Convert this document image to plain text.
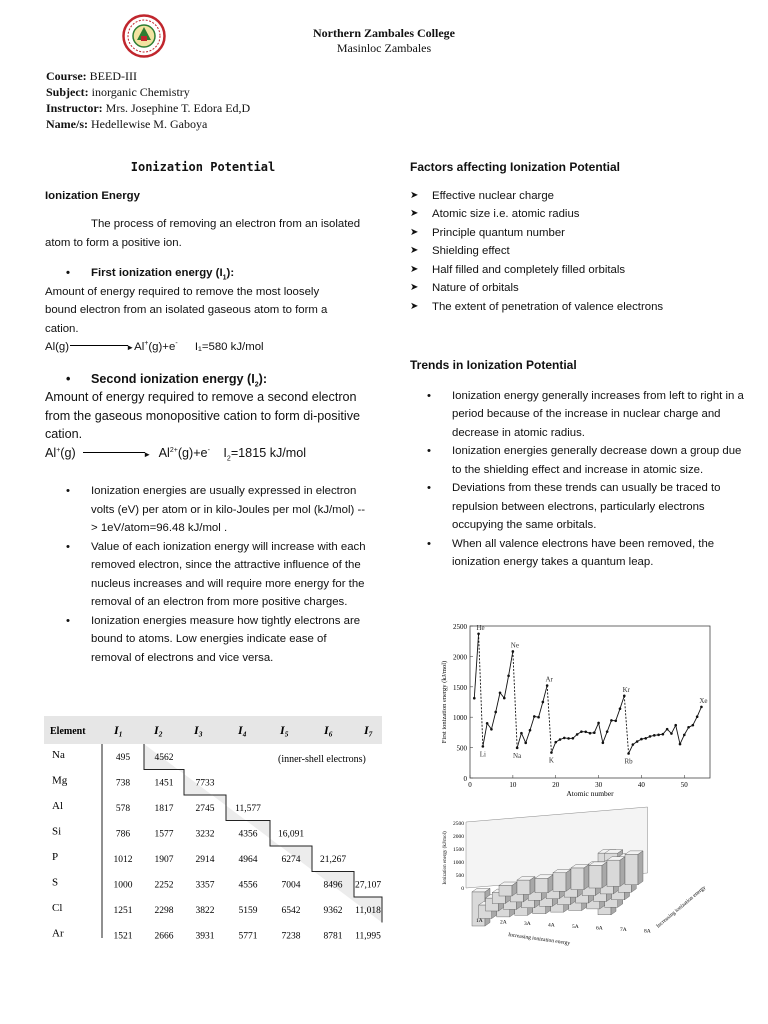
Northern Zambales College
Masinloc Zambales
Course: BEED-III
Subject: inorganic Chemistry
Instructor: Mrs. Josephine T. Edora Ed,D
Name/s: Hedellewise M. Gaboya
Ionization Potential

Ionization Energy

The process of removing an electron from an isolated atom to form a positive ion.

• First ionization energy $(I_1)$:

Amount of energy required to remove the most loosely bound electron from an isolated gaseous atom to form a cation.

Al(g)	►Al+(g)+e- I₁=580 kJ/mol

• Second ionization energy $(I_2)$:

Amount of energy required to remove a second electron from the gaseous monopositive cation to form di-positive cation.

Al+(g)	► $Al^{2+}(g)+e^-$ $I_2=1815$ kJ/mol

• Ionization energies are usually expressed in electron volts (eV) per atom or in kilo-Joules per mol (kJ/mol) --> 1eV/atom=96.48 kJ/mol .
• Value of each ionization energy will increase with each removed electron, since the attractive influence of the nucleus increases and will require more energy for the removal of an electron from more positive charges.
• Ionization energies measure how tightly electrons are bound to atoms. Low energies indicate ease of removal of electrons and vice versa.

Factors affecting Ionization Potential

➤ Effective nuclear charge
➤ Atomic size i.e. atomic radius
➤ Principle quantum number
➤ Shielding effect
➤ Half filled and completely filled orbitals
➤ Nature of orbitals
➤ The extent of penetration of valence electrons

Trends in Ionization Potential

• Ionization energy generally increases from left to right in a period because of the increase in nuclear charge and decrease in atomic radius.
• Ionization energies generally decrease down a group due to the shielding effect and increase in atomic size.
• Deviations from these trends can usually be traced to repulsion between electrons, particularly electrons occupying the same orbitals.
• When all valence electrons have been removed, the ionization energy takes a quantum leap.
Element I₁	I₂	I₃	I₄	I₅	I₆	I₇
(inner-shell electrons)
Na	495	4562
Mg	738	1451 7733
Al	578	1817 2745 11,577
Si	786	1577 3232	4356 16,091
P	1012 1907 2914	4964	6274 21,267
S	1000 2252 3357	4556	7004 8496 27,107
Cl	1251 2298 3822	5159	6542 9362 11,018
Ar	1521 2666 3931	5771	7238 8781 11,995
0
500
1000
1500
2000
2500
0	10	20	30	40	50
Atomic number
First ionization energy (kJ/mol)
He
Li
Ne
Na
Ar
K
Kr
Rb
Xe
0
500
1000
1500
2000
2500
Ionization energy (kJ/mol)
1A	2A	3A	4A	5A	6A	7A	8A
Increasing ionization energy
Increasing ionization energy
